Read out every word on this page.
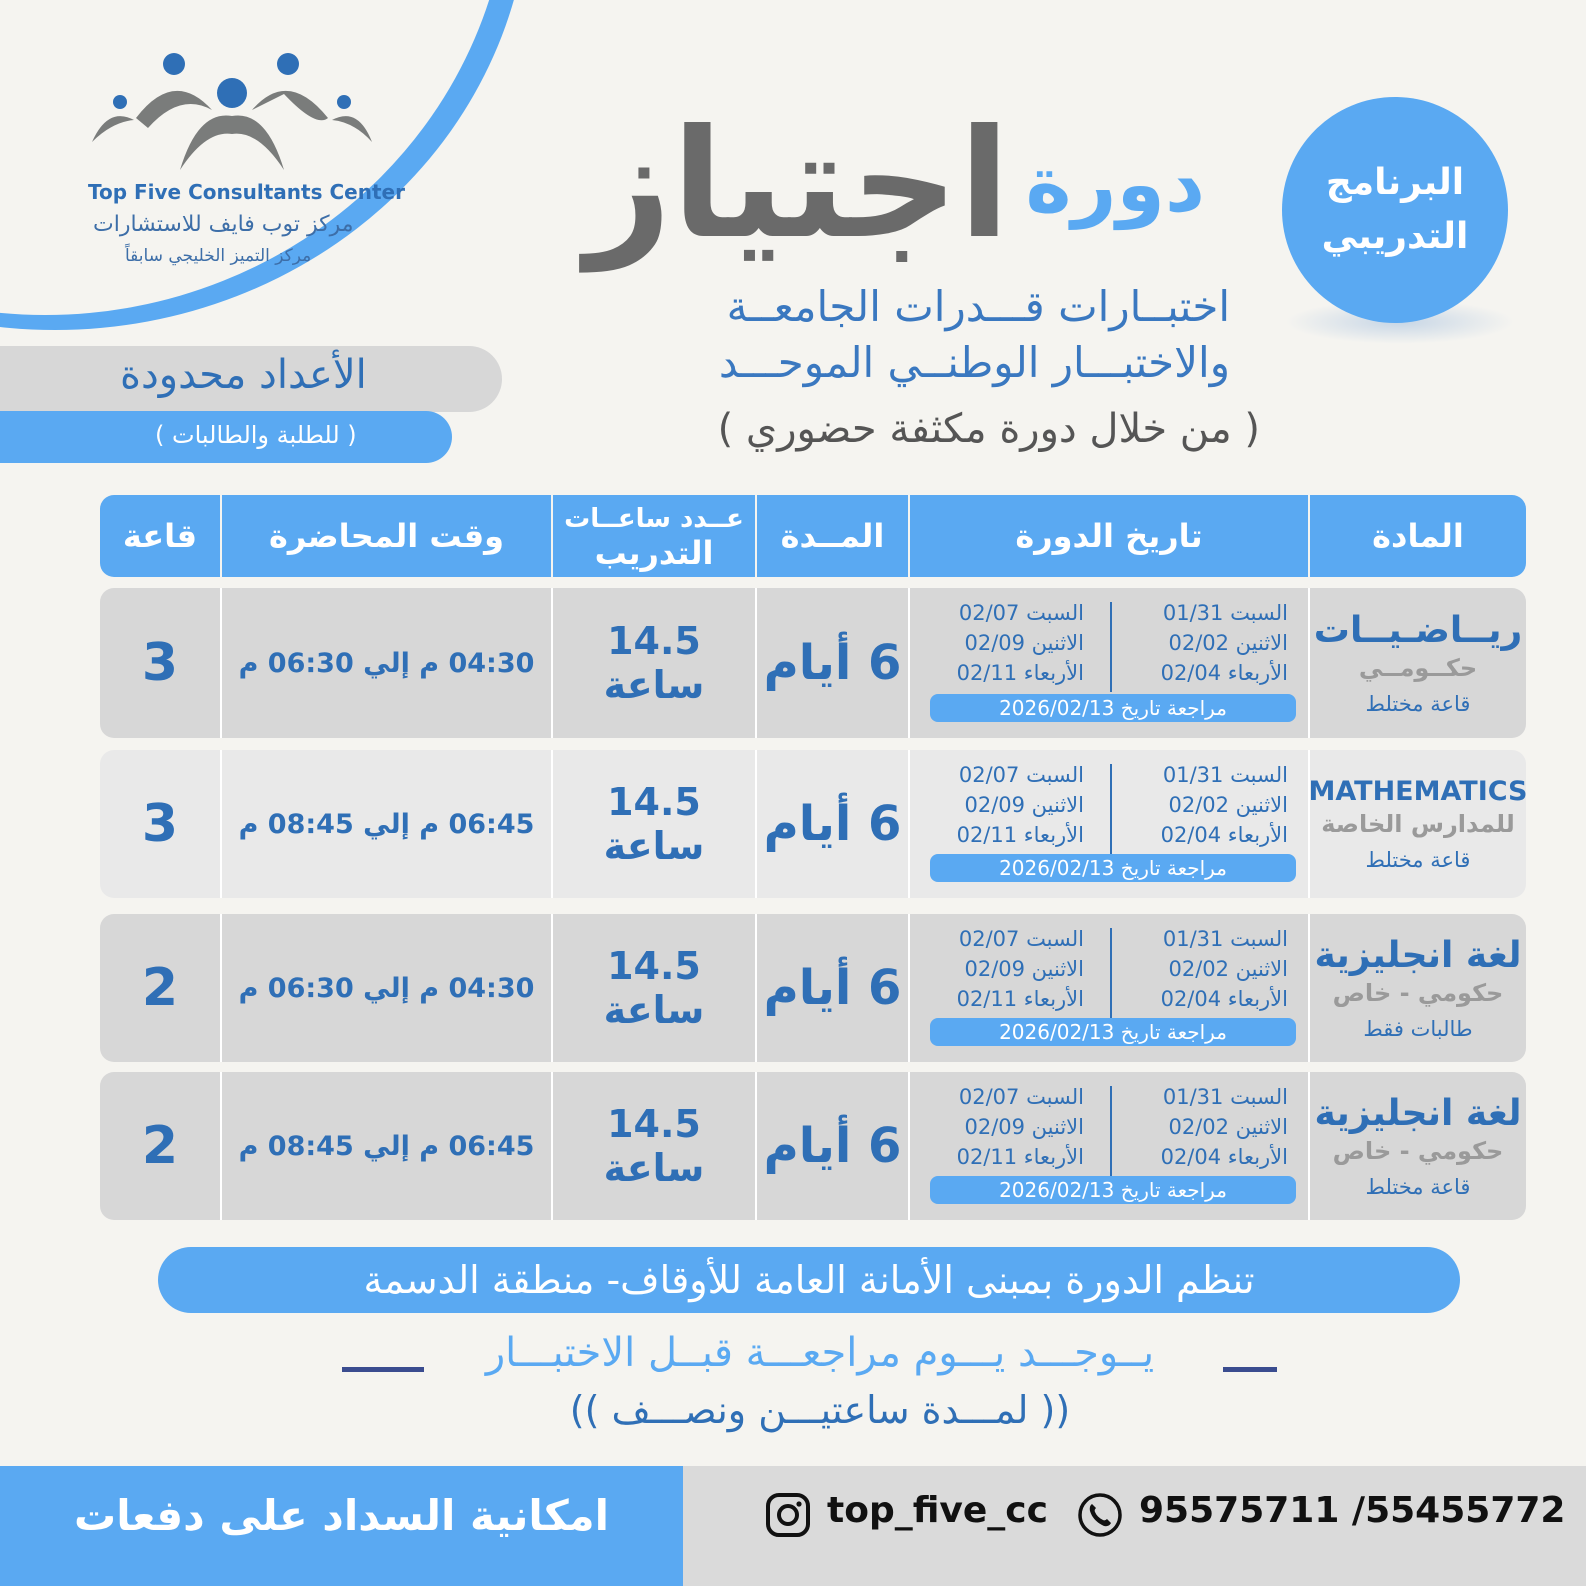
Top Five Consultants Center
مركز توب فايف للاستشارات
مركز التميز الخليجي سابقاً
البرنامج
التدريبي
اجتياز دورة
اختبــارات قـــدرات الجامعــة
والاختبـــار الوطنــي الموحـــد
( من خلال دورة مكثفة حضوري )
الأعداد محدودة
( للطلبة والطالبات )
المادة
تاريخ الدورة
المــدة
عــدد ساعــات
التدريب
وقت المحاضرة
قاعة
ريــاضـيــات
حكــومــي
قاعة مختلط
السبت 01/31
الاثنين 02/02
الأربعاء 02/04
السبت 02/07
الاثنين 02/09
الأربعاء 02/11
مراجعة تاريخ 2026/02/13
6 أيام
14.5 ساعة
04:30 م إلي 06:30 م
3
MATHEMATICS
للمدارس الخاصة
قاعة مختلط
السبت 01/31
الاثنين 02/02
الأربعاء 02/04
السبت 02/07
الاثنين 02/09
الأربعاء 02/11
مراجعة تاريخ 2026/02/13
6 أيام
14.5 ساعة
06:45 م إلي 08:45 م
3
لغة انجليزية
حكومي - خاص
طالبات فقط
السبت 01/31
الاثنين 02/02
الأربعاء 02/04
السبت 02/07
الاثنين 02/09
الأربعاء 02/11
مراجعة تاريخ 2026/02/13
6 أيام
14.5 ساعة
04:30 م إلي 06:30 م
2
لغة انجليزية
حكومي - خاص
قاعة مختلط
السبت 01/31
الاثنين 02/02
الأربعاء 02/04
السبت 02/07
الاثنين 02/09
الأربعاء 02/11
مراجعة تاريخ 2026/02/13
6 أيام
14.5 ساعة
06:45 م إلي 08:45 م
2
تنظم الدورة بمبنى الأمانة العامة للأوقاف- منطقة الدسمة
يــوجـــد يـــوم مراجعـــة قبــل الاختبـــار
(( لمـــدة ساعتيـــن ونصـــف ))
امكانية السداد على دفعات	top_five_cc	95575711 /55455772
